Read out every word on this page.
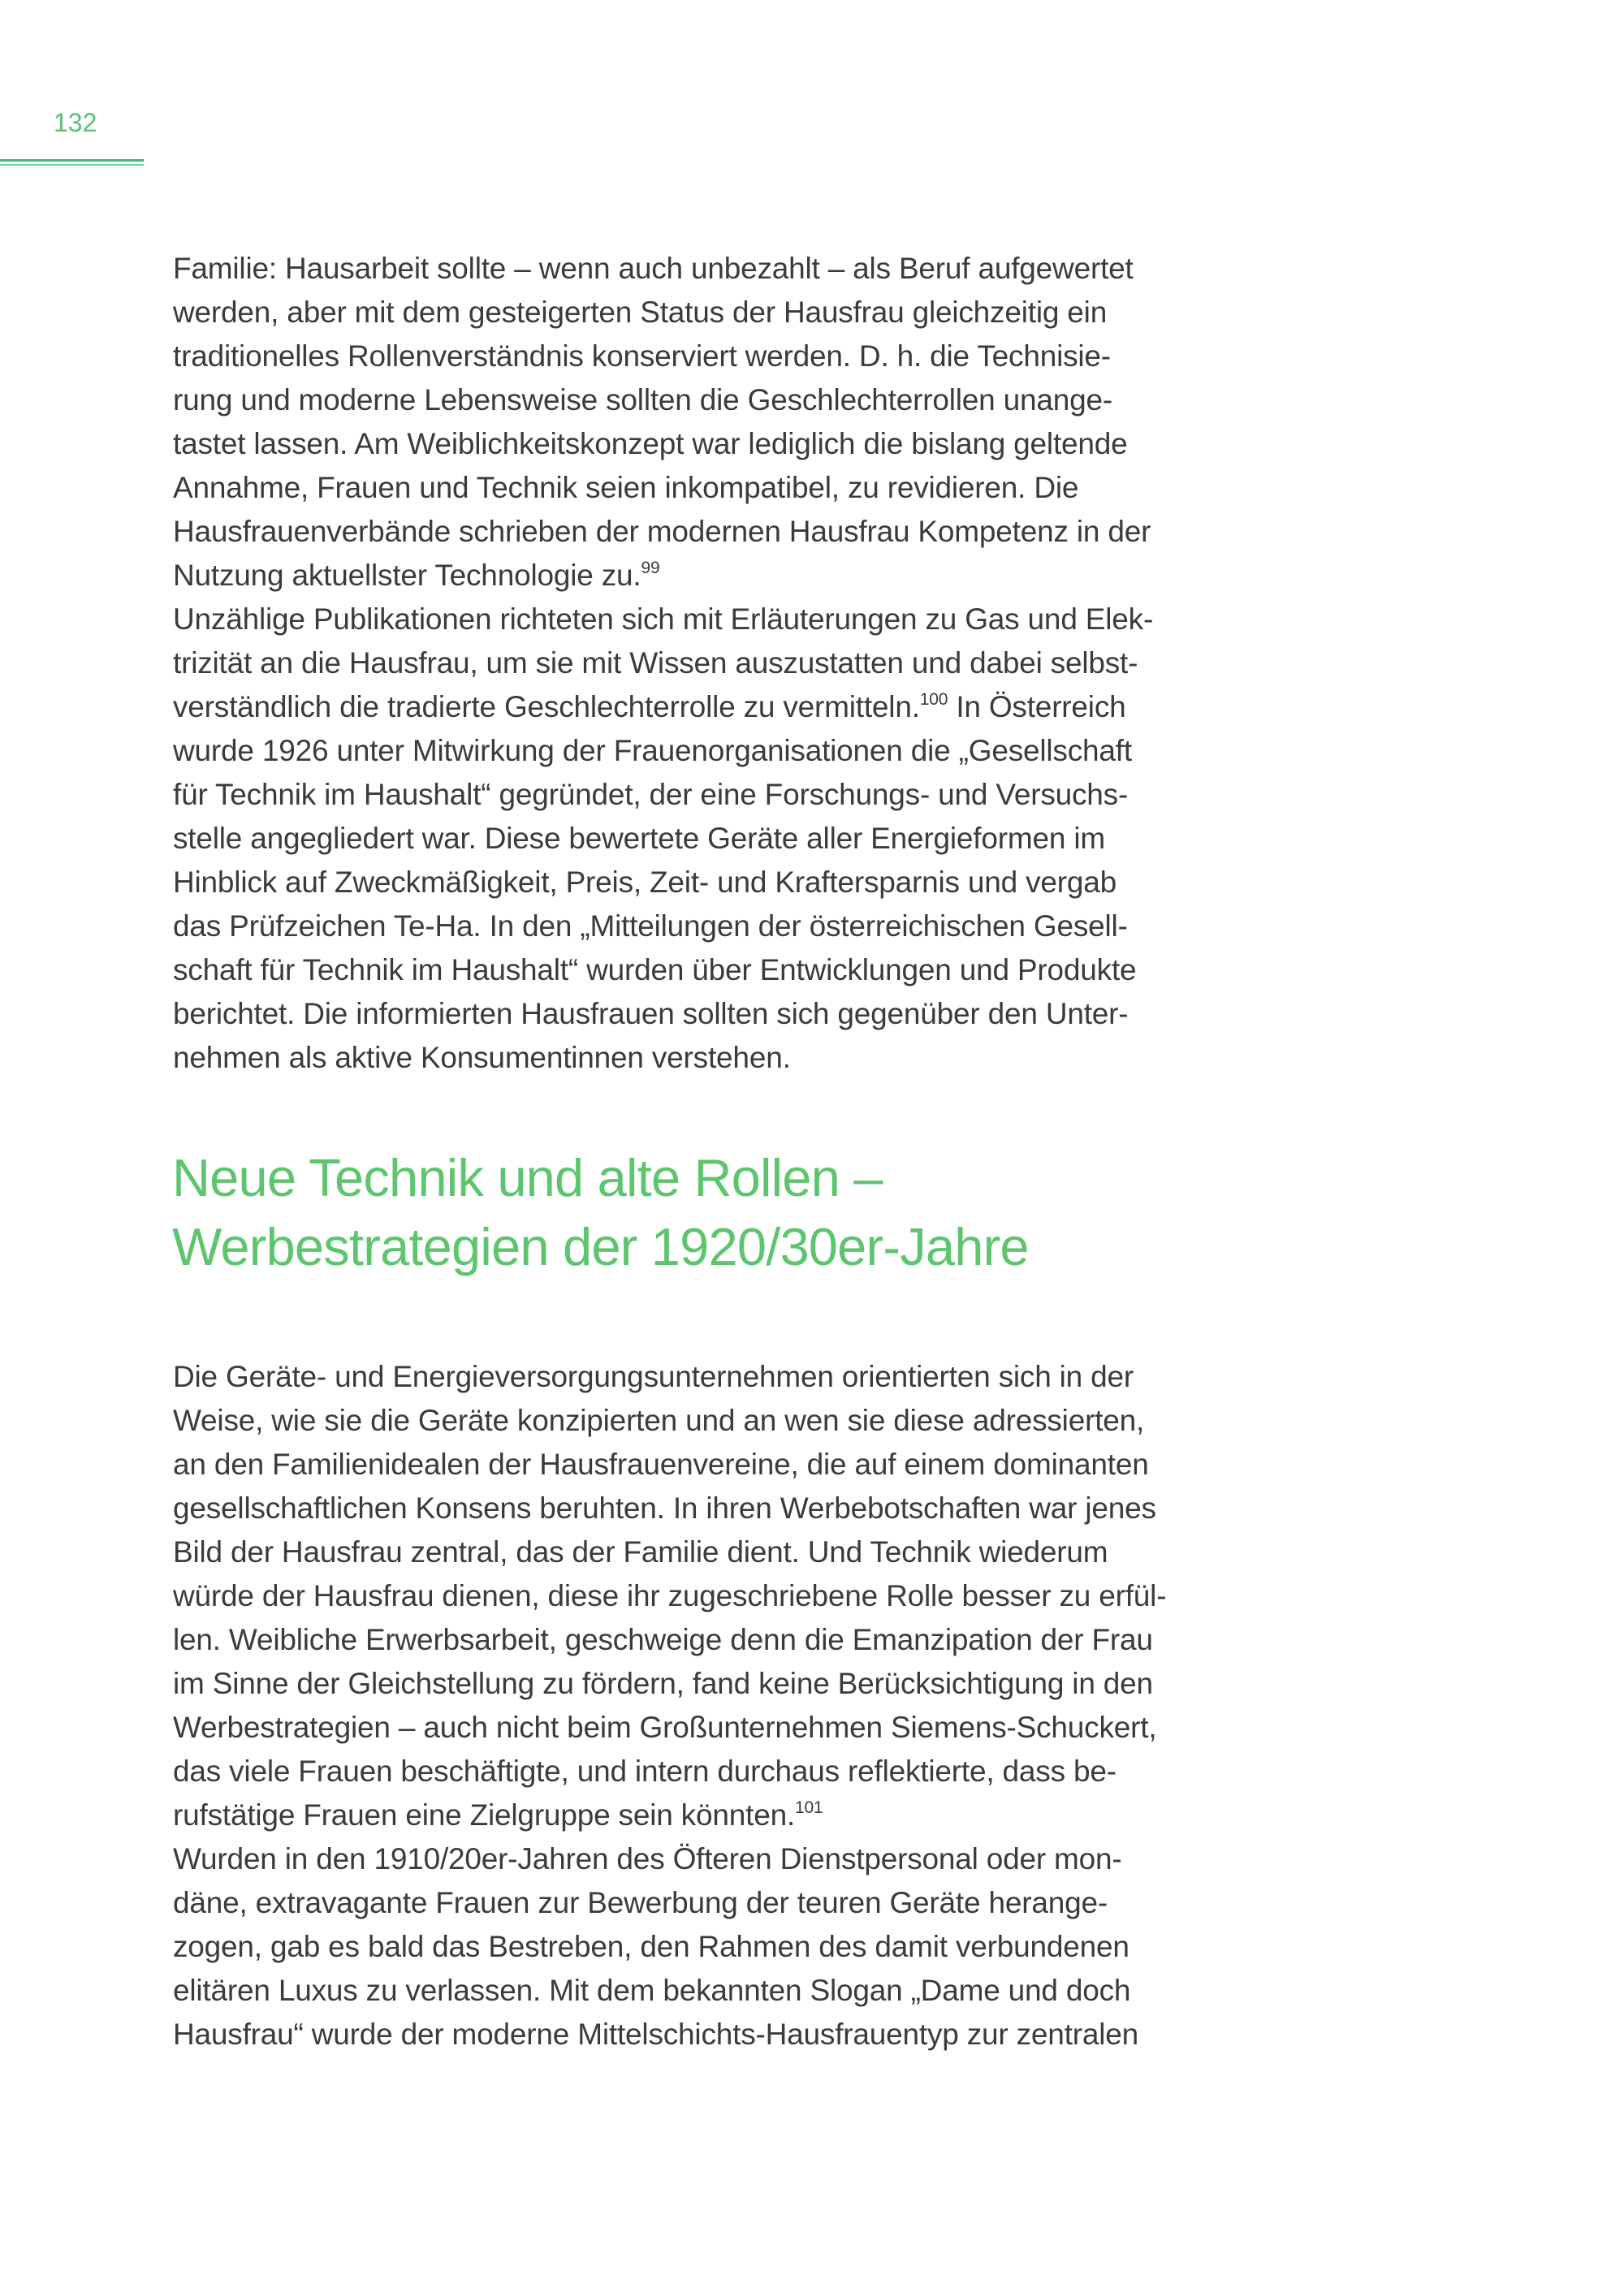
132
Familie: Hausarbeit sollte – wenn auch unbezahlt – als Beruf aufgewertet
werden, aber mit dem gesteigerten Status der Hausfrau gleichzeitig ein
traditionelles Rollenverständnis konserviert werden. D. h. die Technisie-
rung und moderne Lebensweise sollten die Geschlechterrollen unange-
tastet lassen. Am Weiblichkeitskonzept war lediglich die bislang geltende
Annahme, Frauen und Technik seien inkompatibel, zu revidieren. Die
Hausfrauenverbände schrieben der modernen Hausfrau Kompetenz in der
Nutzung aktuellster Technologie zu.$^{99}$
Unzählige Publikationen richteten sich mit Erläuterungen zu Gas und Elek-
trizität an die Hausfrau, um sie mit Wissen auszustatten und dabei selbst-
verständlich die tradierte Geschlechterrolle zu vermitteln.$^{100}$ In Österreich
wurde 1926 unter Mitwirkung der Frauenorganisationen die „Gesellschaft
für Technik im Haushalt“ gegründet, der eine Forschungs- und Versuchs-
stelle angegliedert war. Diese bewertete Geräte aller Energieformen im
Hinblick auf Zweckmäßigkeit, Preis, Zeit- und Kraftersparnis und vergab
das Prüfzeichen Te-Ha. In den „Mitteilungen der österreichischen Gesell-
schaft für Technik im Haushalt“ wurden über Entwicklungen und Produkte
berichtet. Die informierten Hausfrauen sollten sich gegenüber den Unter-
nehmen als aktive Konsumentinnen verstehen.
Neue Technik und alte Rollen –
Werbestrategien der 1920/30er-Jahre
Die Geräte- und Energieversorgungsunternehmen orientierten sich in der
Weise, wie sie die Geräte konzipierten und an wen sie diese adressierten,
an den Familienidealen der Hausfrauenvereine, die auf einem dominanten
gesellschaftlichen Konsens beruhten. In ihren Werbebotschaften war jenes
Bild der Hausfrau zentral, das der Familie dient. Und Technik wiederum
würde der Hausfrau dienen, diese ihr zugeschriebene Rolle besser zu erfül-
len. Weibliche Erwerbsarbeit, geschweige denn die Emanzipation der Frau
im Sinne der Gleichstellung zu fördern, fand keine Berücksichtigung in den
Werbestrategien – auch nicht beim Großunternehmen Siemens-Schuckert,
das viele Frauen beschäftigte, und intern durchaus reflektierte, dass be-
rufstätige Frauen eine Zielgruppe sein könnten.$^{101}$
Wurden in den 1910/20er-Jahren des Öfteren Dienstpersonal oder mon-
däne, extravagante Frauen zur Bewerbung der teuren Geräte herange-
zogen, gab es bald das Bestreben, den Rahmen des damit verbundenen
elitären Luxus zu verlassen. Mit dem bekannten Slogan „Dame und doch
Hausfrau“ wurde der moderne Mittelschichts-Hausfrauentyp zur zentralen
